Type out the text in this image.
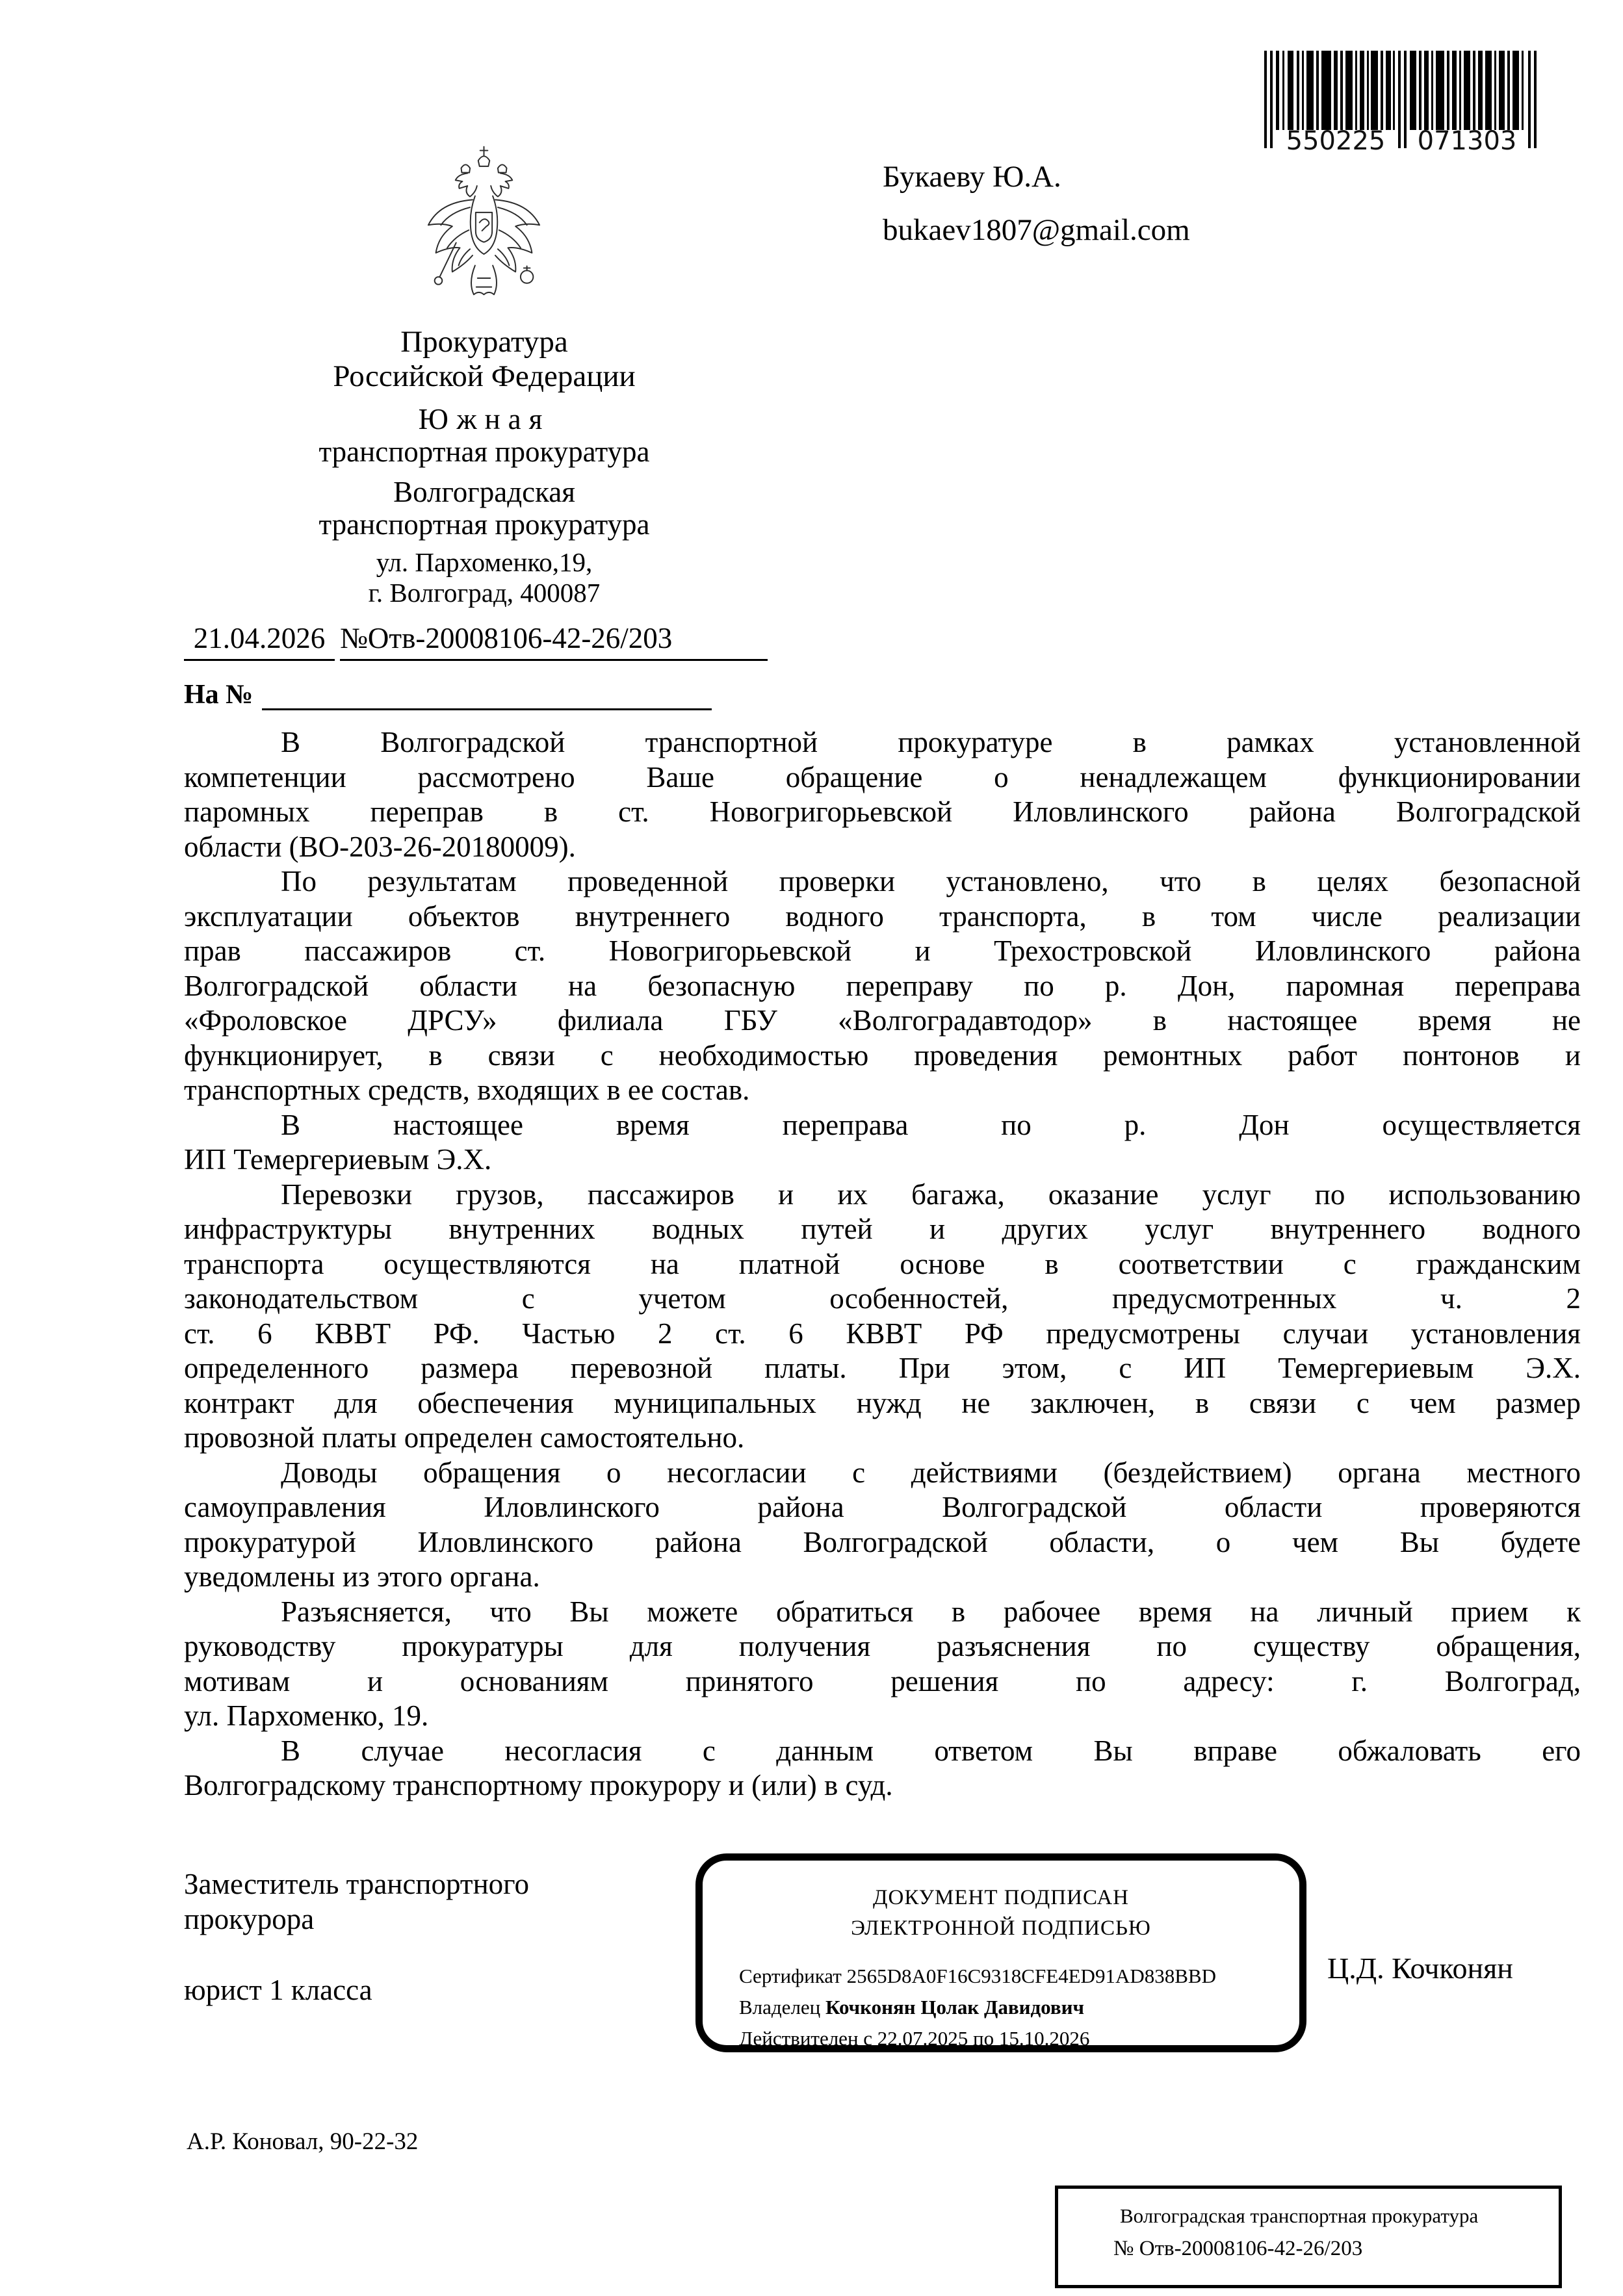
550225 071303
Букаеву Ю.А.
bukaev1807@gmail.com
Прокуратура
Российской Федерации
Южная
транспортная прокуратура
Волгоградская
транспортная прокуратура
ул. Пархоменко,19,
г. Волгоград, 400087
21.04.2026 №Отв-20008106-42-26/203
На №
В Волгоградской транспортной прокуратуре в рамках установленной
компетенции рассмотрено Ваше обращение о ненадлежащем функционировании
паромных переправ в ст. Новогригорьевской Иловлинского района Волгоградской
области (ВО-203-26-20180009).
По результатам проведенной проверки установлено, что в целях безопасной
эксплуатации объектов внутреннего водного транспорта, в том числе реализации
прав пассажиров ст. Новогригорьевской и Трехостровской Иловлинского района
Волгоградской области на безопасную переправу по р. Дон, паромная переправа
«Фроловское ДРСУ» филиала ГБУ «Волгоградавтодор» в настоящее время не
функционирует, в связи с необходимостью проведения ремонтных работ понтонов и
транспортных средств, входящих в ее состав.
В настоящее время переправа по р. Дон осуществляется
ИП Темергериевым Э.Х.
Перевозки грузов, пассажиров и их багажа, оказание услуг по использованию
инфраструктуры внутренних водных путей и других услуг внутреннего водного
транспорта осуществляются на платной основе в соответствии с гражданским
законодательством с учетом особенностей, предусмотренных ч. 2
ст. 6 КВВТ РФ. Частью 2 ст. 6 КВВТ РФ предусмотрены случаи установления
определенного размера перевозной платы. При этом, с ИП Темергериевым Э.Х.
контракт для обеспечения муниципальных нужд не заключен, в связи с чем размер
провозной платы определен самостоятельно.
Доводы обращения о несогласии с действиями (бездействием) органа местного
самоуправления Иловлинского района Волгоградской области проверяются
прокуратурой Иловлинского района Волгоградской области, о чем Вы будете
уведомлены из этого органа.
Разъясняется, что Вы можете обратиться в рабочее время на личный прием к
руководству прокуратуры для получения разъяснения по существу обращения,
мотивам и основаниям принятого решения по адресу: г. Волгоград,
ул. Пархоменко, 19.
В случае несогласия с данным ответом Вы вправе обжаловать его
Волгоградскому транспортному прокурору и (или) в суд.
Заместитель транспортного
прокурора
юрист 1 класса
Ц.Д. Кочконян
ДОКУМЕНТ ПОДПИСАН
ЭЛЕКТРОННОЙ ПОДПИСЬЮ
Сертификат 2565D8A0F16C9318CFE4ED91AD838BBD
Владелец Кочконян Цолак Давидович
Действителен с 22.07.2025 по 15.10.2026
А.Р. Коновал, 90-22-32
Волгоградская транспортная прокуратура
№ Отв-20008106-42-26/203
